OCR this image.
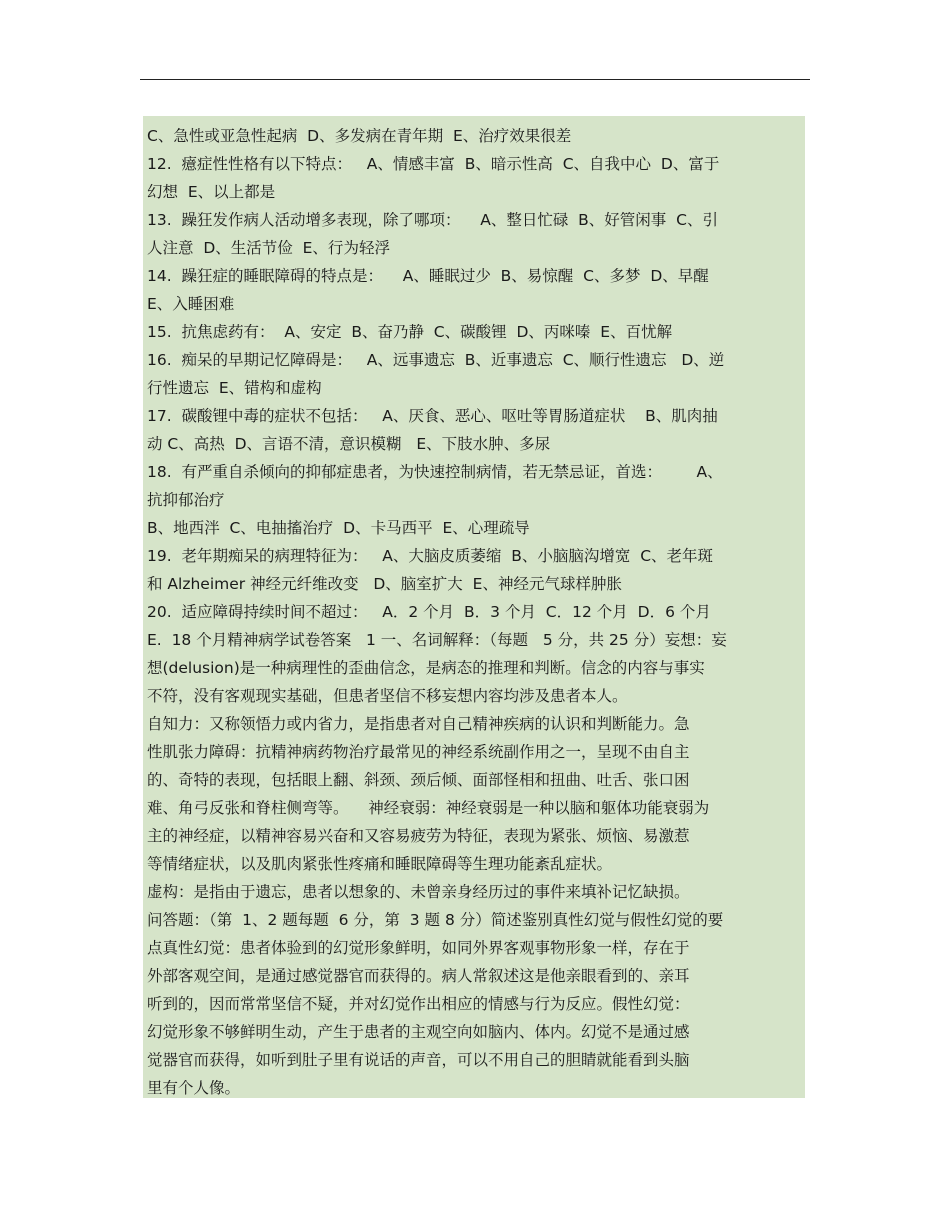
C、急性或亚急性起病  D、多发病在青年期  E、治疗效果很差
12.  癔症性性格有以下特点：   A、情感丰富  B、暗示性高  C、自我中心  D、富于
幻想  E、以上都是
13.  躁狂发作病人活动增多表现，除了哪项：    A、整日忙碌  B、好管闲事  C、引
人注意  D、生活节俭  E、行为轻浮
14.  躁狂症的睡眠障碍的特点是：    A、睡眠过少  B、易惊醒  C、多梦  D、早醒
E、入睡困难
15.  抗焦虑药有：  A、安定  B、奋乃静  C、碳酸锂  D、丙咪嗪  E、百忧解
16.  痴呆的早期记忆障碍是：   A、远事遗忘  B、近事遗忘  C、顺行性遗忘   D、逆
行性遗忘  E、错构和虚构
17.  碳酸锂中毒的症状不包括：   A、厌食、恶心、呕吐等胃肠道症状    B、肌肉抽
动 C、高热  D、言语不清，意识模糊   E、下肢水肿、多尿
18.  有严重自杀倾向的抑郁症患者，为快速控制病情，若无禁忌证，首选：       A、
抗抑郁治疗
B、地西泮  C、电抽搐治疗  D、卡马西平  E、心理疏导
19.  老年期痴呆的病理特征为：   A、大脑皮质萎缩  B、小脑脑沟增宽  C、老年斑
和 Alzheimer 神经元纤维改变   D、脑室扩大  E、神经元气球样肿胀
20.  适应障碍持续时间不超过：   A．2 个月  B．3 个月  C．12 个月  D．6 个月
E.  18 个月精神病学试卷答案   1 一、名词解释：（每题   5 分，共 25 分）妄想：妄
想(delusion)是一种病理性的歪曲信念，是病态的推理和判断。信念的内容与事实
不符，没有客观现实基础，但患者坚信不移妄想内容均涉及患者本人。
自知力：又称领悟力或内省力，是指患者对自己精神疾病的认识和判断能力。急
性肌张力障碍：抗精神病药物治疗最常见的神经系统副作用之一，呈现不由自主
的、奇特的表现，包括眼上翻、斜颈、颈后倾、面部怪相和扭曲、吐舌、张口困
难、角弓反张和脊柱侧弯等。    神经衰弱：神经衰弱是一种以脑和躯体功能衰弱为
主的神经症，以精神容易兴奋和又容易疲劳为特征，表现为紧张、烦恼、易激惹
等情绪症状，以及肌肉紧张性疼痛和睡眠障碍等生理功能紊乱症状。
虚构：是指由于遗忘，患者以想象的、未曾亲身经历过的事件来填补记忆缺损。
问答题：（第  1、2 题每题  6 分，第  3 题 8 分）简述鉴别真性幻觉与假性幻觉的要
点真性幻觉：患者体验到的幻觉形象鲜明，如同外界客观事物形象一样，存在于
外部客观空间，是通过感觉器官而获得的。病人常叙述这是他亲眼看到的、亲耳
听到的，因而常常坚信不疑，并对幻觉作出相应的情感与行为反应。假性幻觉：
幻觉形象不够鲜明生动，产生于患者的主观空向如脑内、体内。幻觉不是通过感
觉器官而获得，如听到肚子里有说话的声音，可以不用自己的胆睛就能看到头脑
里有个人像。
